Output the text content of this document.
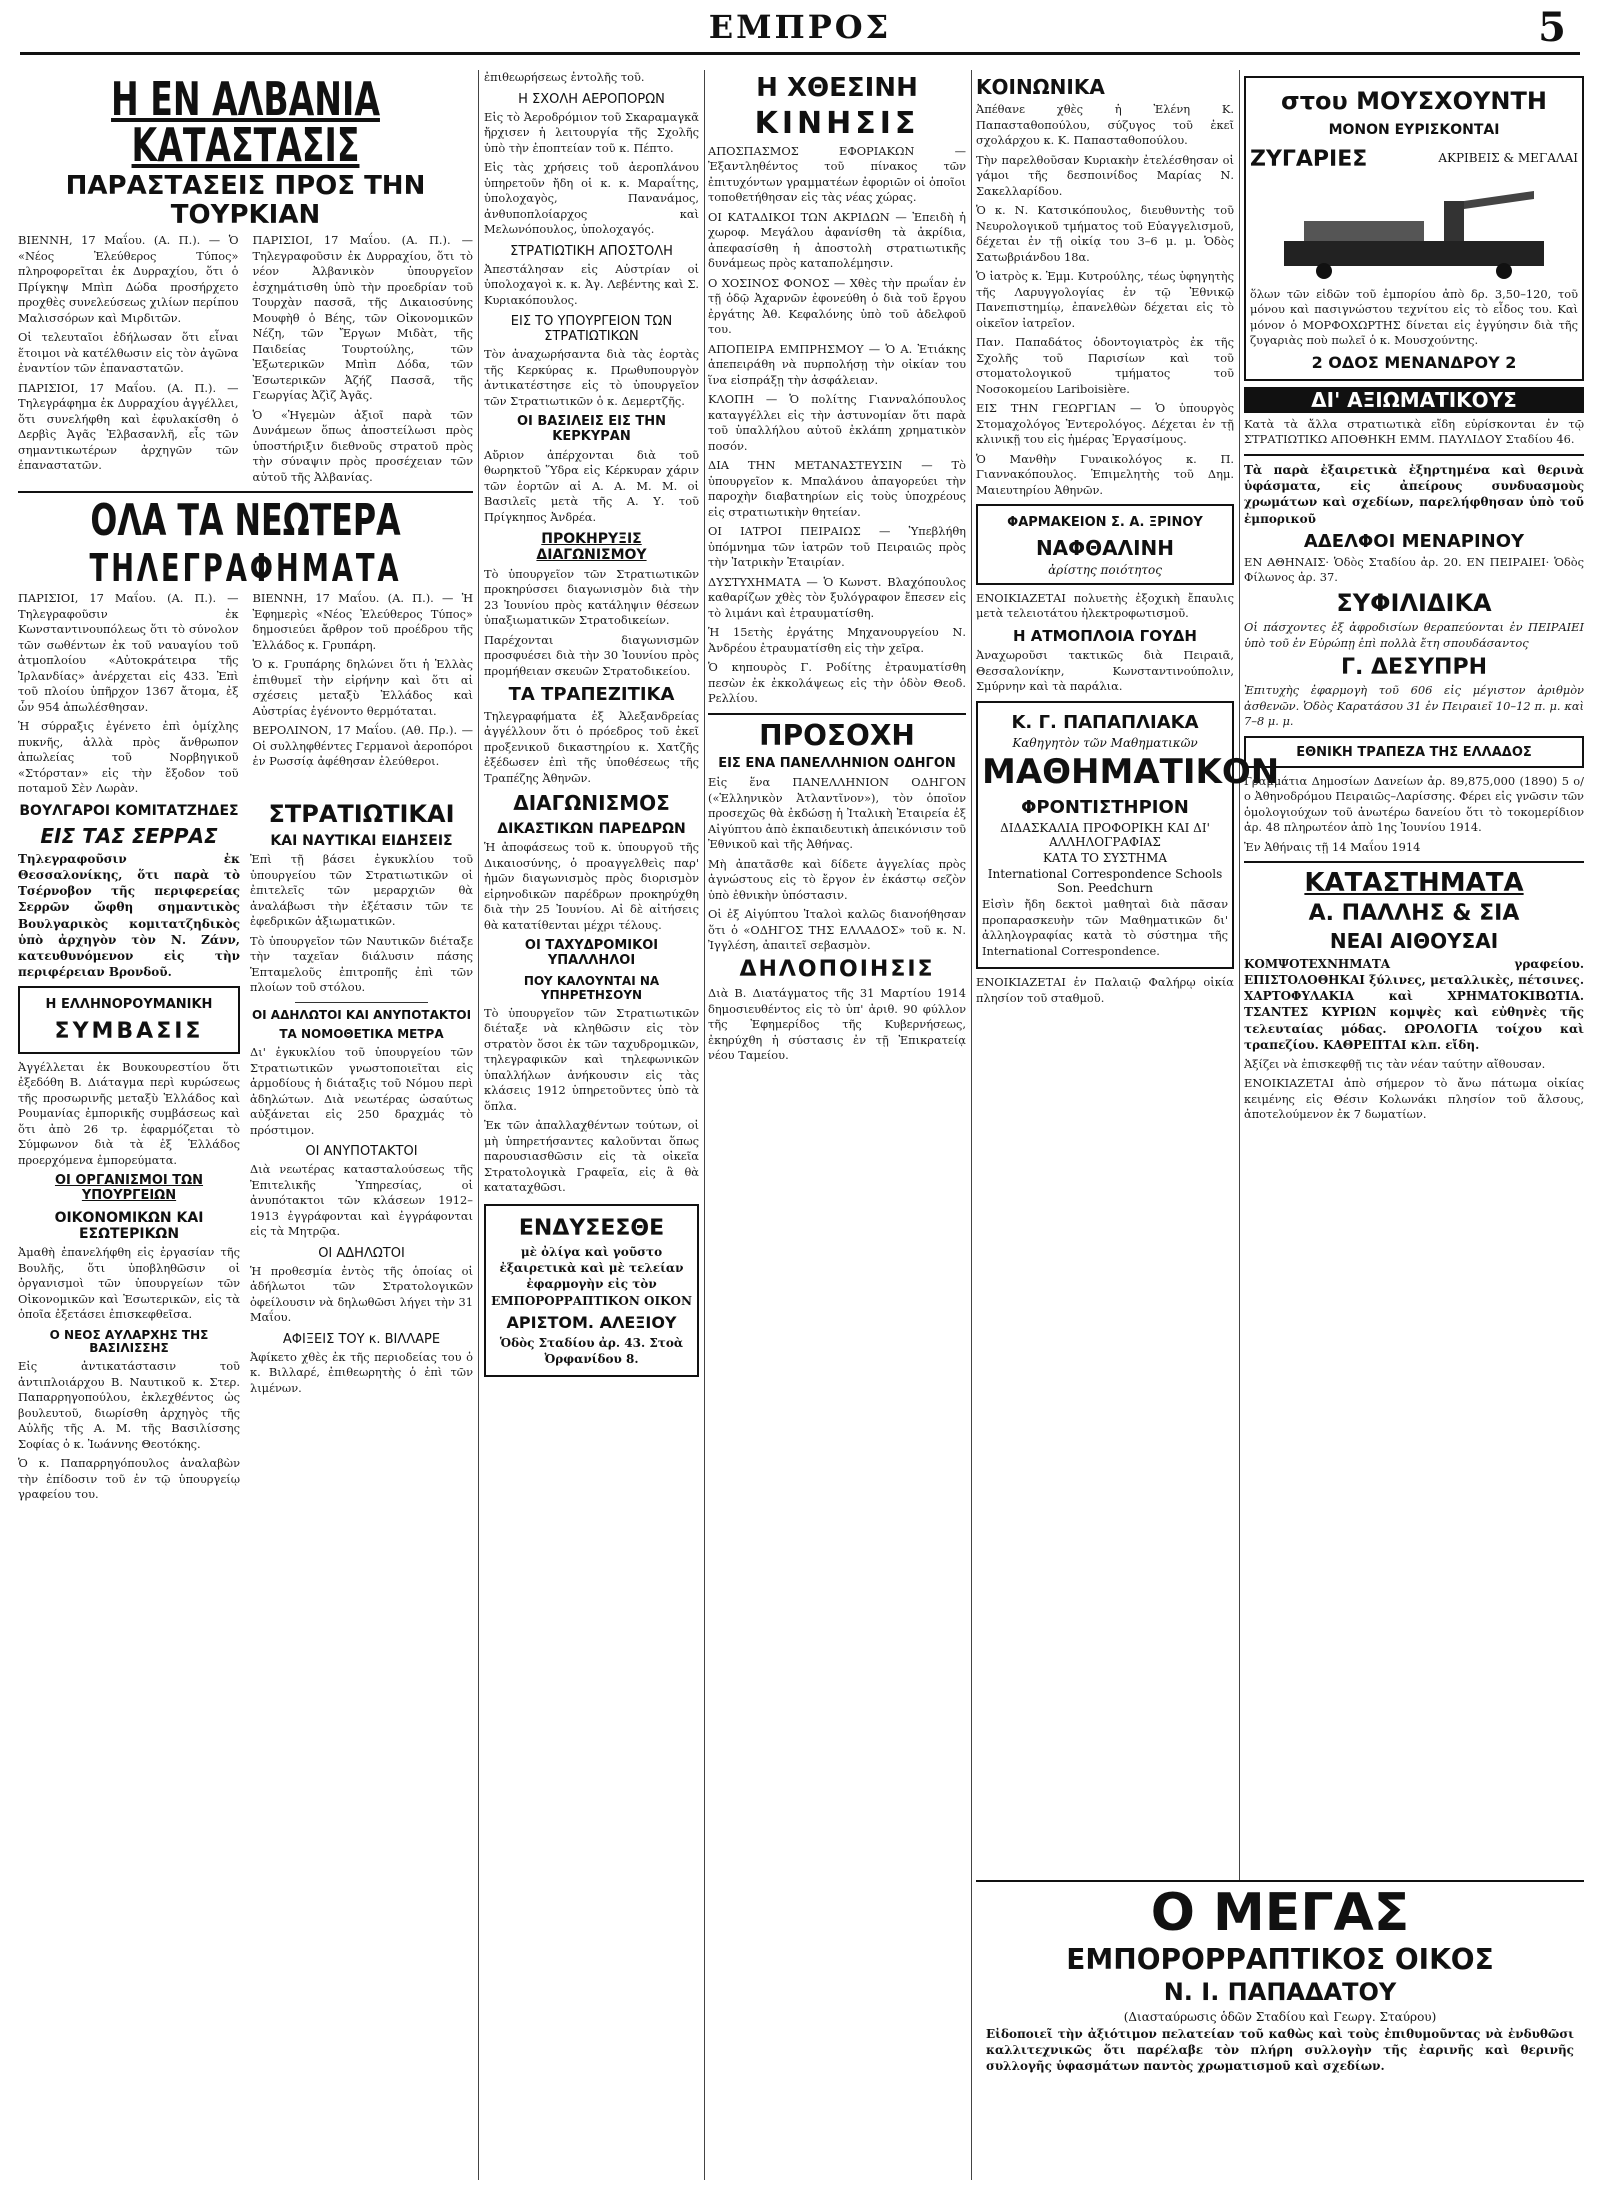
ΕΜΠΡΟΣ	5
Η ΕΝ ΑΛΒΑΝΙΑ ΚΑΤΑΣΤΑΣΙΣ
ΠΑΡΑΣΤΑΣΕΙΣ ΠΡΟΣ ΤΗΝ ΤΟΥΡΚΙΑΝ

ΒΙΕΝΝΗ, 17 Μαΐου. (Α. Π.). — Ὁ «Νέος Ἐλεύθερος Τύπος» πληροφορεῖται ἐκ Δυρραχίου, ὅτι ὁ Πρίγκηψ Μπὶπ Δώδα προσήρχετο προχθὲς συνελεύσεως χιλίων περίπου Μαλισσόρων καὶ Μιρδιτῶν.

Οἱ τελευταῖοι ἐδήλωσαν ὅτι εἶναι ἕτοιμοι νὰ κατέλθωσιν εἰς τὸν ἀγῶνα ἐναντίον τῶν ἐπαναστατῶν.

ΠΑΡΙΣΙΟΙ, 17 Μαΐου. (Α. Π.). — Τηλεγράφημα ἐκ Δυρραχίου ἀγγέλλει, ὅτι συνελήφθη καὶ ἐφυλακίσθη ὁ Δερβὶς Ἀγᾶς Ἐλβασανλῆ, εἷς τῶν σημαντικωτέρων ἀρχηγῶν τῶν ἐπαναστατῶν.

ΠΑΡΙΣΙΟΙ, 17 Μαΐου. (Α. Π.). — Τηλεγραφοῦσιν ἐκ Δυρραχίου, ὅτι τὸ νέον Ἀλβανικὸν ὑπουργεῖον ἐσχημάτισθη ὑπὸ τὴν προεδρίαν τοῦ Τουρχὰν πασσᾶ, τῆς Δικαιοσύνης Μουφὴθ ὁ Βέης, τῶν Οἰκονομικῶν Νέζη, τῶν Ἔργων Μιδὰτ, τῆς Παιδείας Τουρτούλης, τῶν Ἐξωτερικῶν Μπὶπ Δόδα, τῶν Ἐσωτερικῶν Ἀζήζ Πασσᾶ, τῆς Γεωργίας Ἀζὶζ Ἀγᾶς.

Ὁ «Ἡγεμὼν ἀξιοῖ παρὰ τῶν Δυνάμεων ὅπως ἀποστείλωσι πρὸς ὑποστήριξιν διεθνοῦς στρατοῦ πρὸς τὴν σύναψιν πρὸς προσέχειαν τῶν αὐτοῦ τῆς Ἀλβανίας.

ΟΛΑ ΤΑ ΝΕΩΤΕΡΑ
ΤΗΛΕΓΡΑΦΗΜΑΤΑ

ΠΑΡΙΣΙΟΙ, 17 Μαΐου. (Α. Π.). — Τηλεγραφοῦσιν ἐκ Κωνσταντινουπόλεως ὅτι τὸ σύνολον τῶν σωθέντων ἐκ τοῦ ναυαγίου τοῦ ἀτμοπλοίου «Αὐτοκράτειρα τῆς Ἰρλανδίας» ἀνέρχεται εἰς 433. Ἐπὶ τοῦ πλοίου ὑπῆρχον 1367 ἄτομα, ἐξ ὧν 954 ἀπωλέσθησαν.

Ἡ σύρραξις ἐγένετο ἐπὶ ὀμίχλης πυκνῆς, ἀλλὰ πρὸς ἄνθρωπον ἀπωλείας τοῦ Νορβηγικοῦ «Στόρσταν» εἰς τὴν ἔξοδον τοῦ ποταμοῦ Σὲν Λωρὰν.

ΒΙΕΝΝΗ, 17 Μαΐου. (Α. Π.). — Ἡ Ἐφημερὶς «Νέος Ἐλεύθερος Τύπος» δημοσιεύει ἄρθρον τοῦ προέδρου τῆς Ἑλλάδος κ. Γρυπάρη.

Ὁ κ. Γρυπάρης δηλώνει ὅτι ἡ Ἑλλὰς ἐπιθυμεῖ τὴν εἰρήνην καὶ ὅτι αἱ σχέσεις μεταξὺ Ἑλλάδος καὶ Αὐστρίας ἐγένοντο θερμόταται.

ΒΕΡΟΛΙΝΟΝ, 17 Μαΐου. (Αθ. Πρ.). — Οἱ συλληφθέντες Γερμανοὶ ἀεροπόροι ἐν Ρωσσίᾳ ἀφέθησαν ἐλεύθεροι.

ΒΟΥΛΓΑΡΟΙ ΚΟΜΙΤΑΤΖΗΔΕΣ
ΕΙΣ ΤΑΣ ΣΕΡΡΑΣ

Τηλεγραφοῦσιν ἐκ Θεσσαλονίκης, ὅτι παρὰ τὸ Τσέρνοβον τῆς περιφερείας Σερρῶν ὤφθη σημαντικὸς Βουλγαρικὸς κομιτατζηδικὸς ὑπὸ ἀρχηγὸν τὸν Ν. Ζάνν, κατευθυνόμενον εἰς τὴν περιφέρειαν Βρονδοῦ.

Η ΕΛΛΗΝΟΡΟΥΜΑΝΙΚΗ
ΣΥΜΒΑΣΙΣ

Ἀγγέλλεται ἐκ Βουκουρεστίου ὅτι ἐξεδόθη Β. Διάταγμα περὶ κυρώσεως τῆς προσωρινῆς μεταξὺ Ἑλλάδος καὶ Ρουμανίας ἐμπορικῆς συμβάσεως καὶ ὅτι ἀπὸ 26 τρ. ἐφαρμόζεται τὸ Σύμφωνον διὰ τὰ ἐξ Ἑλλάδος προερχόμενα ἐμπορεύματα.

ΟΙ ΟΡΓΑΝΙΣΜΟΙ ΤΩΝ ΥΠΟΥΡΓΕΙΩΝ
ΟΙΚΟΝΟΜΙΚΩΝ ΚΑΙ ΕΣΩΤΕΡΙΚΩΝ

Ἀμαθὴ ἐπανελήφθη εἰς ἐργασίαν τῆς Βουλῆς, ὅτι ὑποβληθῶσιν οἱ ὀργανισμοὶ τῶν ὑπουργείων τῶν Οἰκονομικῶν καὶ Ἐσωτερικῶν, εἰς τὰ ὁποῖα ἐξετάσει ἐπισκεφθεῖσα.

Ο ΝΕΟΣ ΑΥΛΑΡΧΗΣ ΤΗΣ ΒΑΣΙΛΙΣΣΗΣ

Εἰς ἀντικατάστασιν τοῦ ἀντιπλοιάρχου Β. Ναυτικοῦ κ. Στερ. Παπαρρηγοπούλου, ἐκλεχθέντος ὡς βουλευτοῦ, διωρίσθη ἀρχηγὸς τῆς Αὐλῆς τῆς Α. Μ. τῆς Βασιλίσσης Σοφίας ὁ κ. Ἰωάννης Θεοτόκης.

Ὁ κ. Παπαρρηγόπουλος ἀναλαβὼν τὴν ἐπίδοσιν τοῦ ἐν τῷ ὑπουργείῳ γραφείου του.

ΣΤΡΑΤΙΩΤΙΚΑΙ
ΚΑΙ ΝΑΥΤΙΚΑΙ ΕΙΔΗΣΕΙΣ

Ἐπὶ τῇ βάσει ἐγκυκλίου τοῦ ὑπουργείου τῶν Στρατιωτικῶν οἱ ἐπιτελεῖς τῶν μεραρχιῶν θὰ ἀναλάβωσι τὴν ἐξέτασιν τῶν τε ἐφεδρικῶν ἀξιωματικῶν.

Τὸ ὑπουργεῖον τῶν Ναυτικῶν διέταξε τὴν ταχεῖαν διάλυσιν πάσης Ἑπταμελοῦς ἐπιτροπῆς ἐπὶ τῶν πλοίων τοῦ στόλου.

ΟΙ ΑΔΗΛΩΤΟΙ ΚΑΙ ΑΝΥΠΟΤΑΚΤΟΙ
ΤΑ ΝΟΜΟΘΕΤΙΚΑ ΜΕΤΡΑ

Δι' ἐγκυκλίου τοῦ ὑπουργείου τῶν Στρατιωτικῶν γνωστοποιεῖται εἰς ἁρμοδίους ἡ διάταξις τοῦ Νόμου περὶ ἀδηλώτων. Διὰ νεωτέρας ὡσαύτως αὐξάνεται εἰς 250 δραχμάς τὸ πρόστιμον.

ΟΙ ΑΝΥΠΟΤΑΚΤΟΙ

Διὰ νεωτέρας κατασταλούσεως τῆς Ἐπιτελικῆς Ὑπηρεσίας, οἱ ἀνυπότακτοι τῶν κλάσεων 1912–1913 ἐγγράφονται καὶ ἐγγράφονται εἰς τὰ Μητρῷα.

ΟΙ ΑΔΗΛΩΤΟΙ

Ἡ προθεσμία ἐντὸς τῆς ὁποίας οἱ ἀδήλωτοι τῶν Στρατολογικῶν ὀφείλουσιν νὰ δηλωθῶσι λήγει τὴν 31 Μαΐου.

ΑΦΙΞΕΙΣ ΤΟΥ κ. ΒΙΛΛΑΡΕ

Ἀφίκετο χθὲς ἐκ τῆς περιοδείας του ὁ κ. Βιλλαρέ, ἐπιθεωρητὴς ὁ ἐπὶ τῶν λιμένων.

ἐπιθεωρήσεως ἐντολῆς τοῦ.

Η ΣΧΟΛΗ ΑΕΡΟΠΟΡΩΝ

Εἰς τὸ Ἀεροδρόμιον τοῦ Σκαραμαγκᾶ ἤρχισεν ἡ λειτουργία τῆς Σχολῆς ὑπὸ τὴν ἐποπτείαν τοῦ κ. Πέπτο.

Εἰς τὰς χρήσεις τοῦ ἀεροπλάνου ὑπηρετοῦν ἤδη οἱ κ. κ. Μαραΐτης, ὑπολοχαγὸς, Πανανάμος, ἀνθυποπλοίαρχος καὶ Μελωνόπουλος, ὑπολοχαγός.

ΣΤΡΑΤΙΩΤΙΚΗ ΑΠΟΣΤΟΛΗ

Ἀπεστάλησαν εἰς Αὐστρίαν οἱ ὑπολοχαγοὶ κ. κ. Ἀγ. Λεβέντης καὶ Σ. Κυριακόπουλος.

ΕΙΣ ΤΟ ΥΠΟΥΡΓΕΙΟΝ ΤΩΝ ΣΤΡΑΤΙΩΤΙΚΩΝ

Τὸν ἀναχωρήσαντα διὰ τὰς ἑορτὰς τῆς Κερκύρας κ. Πρωθυπουργὸν ἀντικατέστησε εἰς τὸ ὑπουργεῖον τῶν Στρατιωτικῶν ὁ κ. Δεμερτζῆς.

ΟΙ ΒΑΣΙΛΕΙΣ ΕΙΣ ΤΗΝ ΚΕΡΚΥΡΑΝ

Αὔριον ἀπέρχονται διὰ τοῦ θωρηκτοῦ Ὕδρα εἰς Κέρκυραν χάριν τῶν ἑορτῶν αἱ Α. Α. Μ. Μ. οἱ Βασιλεῖς μετὰ τῆς Α. Υ. τοῦ Πρίγκηπος Ἀνδρέα.

ΠΡΟΚΗΡΥΞΙΣ ΔΙΑΓΩΝΙΣΜΟΥ

Τὸ ὑπουργεῖον τῶν Στρατιωτικῶν προκηρύσσει διαγωνισμὸν διὰ τὴν 23 Ἰουνίου πρὸς κατάληψιν θέσεων ὑπαξιωματικῶν Στρατοδικείων.

Παρέχονται διαγωνισμῶν προσφυέσει διὰ τὴν 30 Ἰουνίου πρὸς προμήθειαν σκευῶν Στρατοδικείου.

ΤΑ ΤΡΑΠΕΖΙΤΙΚΑ

Τηλεγραφήματα ἐξ Ἀλεξανδρείας ἀγγέλλουν ὅτι ὁ πρόεδρος τοῦ ἐκεῖ προξενικοῦ δικαστηρίου κ. Χατζῆς ἐξέδωσεν ἐπὶ τῆς ὑποθέσεως τῆς Τραπέζης Ἀθηνῶν.

ΔΙΑΓΩΝΙΣΜΟΣ
ΔΙΚΑΣΤΙΚΩΝ ΠΑΡΕΔΡΩΝ

Ἡ ἀποφάσεως τοῦ κ. ὑπουργοῦ τῆς Δικαιοσύνης, ὁ προαγγελθεὶς παρ' ἡμῶν διαγωνισμὸς πρὸς διορισμὸν εἰρηνοδικῶν παρέδρων προκηρύχθη διὰ τὴν 25 Ἰουνίου. Αἱ δὲ αἰτήσεις θὰ κατατίθενται μέχρι τέλους.

ΟΙ ΤΑΧΥΔΡΟΜΙΚΟΙ ΥΠΑΛΛΗΛΟΙ
ΠΟΥ ΚΑΛΟΥΝΤΑΙ ΝΑ ΥΠΗΡΕΤΗΣΟΥΝ

Τὸ ὑπουργεῖον τῶν Στρατιωτικῶν διέταξε νὰ κληθῶσιν εἰς τὸν στρατὸν ὅσοι ἐκ τῶν ταχυδρομικῶν, τηλεγραφικῶν καὶ τηλεφωνικῶν ὑπαλλήλων ἀνήκουσιν εἰς τὰς κλάσεις 1912 ὑπηρετοῦντες ὑπὸ τὰ ὅπλα.

Ἐκ τῶν ἀπαλλαχθέντων τούτων, οἱ μὴ ὑπηρετήσαντες καλοῦνται ὅπως παρουσιασθῶσιν εἰς τὰ οἰκεῖα Στρατολογικὰ Γραφεῖα, εἰς ἃ θὰ καταταχθῶσι.

ΕΝΔΥΣΕΣΘΕ

μὲ ὀλίγα καὶ γοῦστο ἐξαιρετικὰ καὶ μὲ τελείαν ἐφαρμογὴν εἰς τὸν ΕΜΠΟΡΟΡΡΑΠΤΙΚΟΝ ΟΙΚΟΝ

ΑΡΙΣΤΟΜ. ΑΛΕΞΙΟΥ

Ὁδὸς Σταδίου ἀρ. 43. Στοὰ Ὀρφανίδου 8.

Η ΧΘΕΣΙΝΗ
ΚΙΝΗΣΙΣ

ΑΠΟΣΠΑΣΜΟΣ ΕΦΟΡΙΑΚΩΝ — Ἐξαντληθέντος τοῦ πίνακος τῶν ἐπιτυχόντων γραμματέων ἐφοριῶν οἱ ὁποῖοι τοποθετήθησαν εἰς τὰς νέας χώρας.

ΟΙ ΚΑΤΑΔΙΚΟΙ ΤΩΝ ΑΚΡΙΔΩΝ — Ἐπειδὴ ἡ χωροφ. Μεγάλου ἀφανίσθη τὰ ἀκρίδια, ἀπεφασίσθη ἡ ἀποστολὴ στρατιωτικῆς δυνάμεως πρὸς καταπολέμησιν.

Ο ΧΟΣΙΝΟΣ ΦΟΝΟΣ — Χθὲς τὴν πρωΐαν ἐν τῇ ὁδῷ Ἀχαρνῶν ἐφονεύθη ὁ διὰ τοῦ ἔργου ἐργάτης Ἀθ. Κεφαλόνης ὑπὸ τοῦ ἀδελφοῦ του.

ΑΠΟΠΕΙΡΑ ΕΜΠΡΗΣΜΟΥ — Ὁ Α. Ἐτιάκης ἀπεπειράθη νὰ πυρπολήσῃ τὴν οἰκίαν του ἵνα εἰσπράξῃ τὴν ἀσφάλειαν.

ΚΛΟΠΗ — Ὁ πολίτης Γιανναλόπουλος καταγγέλλει εἰς τὴν ἀστυνομίαν ὅτι παρὰ τοῦ ὑπαλλήλου αὐτοῦ ἐκλάπη χρηματικὸν ποσόν.

ΔΙΑ ΤΗΝ ΜΕΤΑΝΑΣΤΕΥΣΙΝ — Τὸ ὑπουργεῖον κ. Μπαλάνου ἀπαγορεύει τὴν παροχὴν διαβατηρίων εἰς τοὺς ὑποχρέους εἰς στρατιωτικὴν θητείαν.

ΟΙ ΙΑΤΡΟΙ ΠΕΙΡΑΙΩΣ — Ὑπεβλήθη ὑπόμνημα τῶν ἰατρῶν τοῦ Πειραιῶς πρὸς τὴν Ἰατρικὴν Ἑταιρίαν.

ΔΥΣΤΥΧΗΜΑΤΑ — Ὁ Κωνστ. Βλαχόπουλος καθαρίζων χθὲς τὸν ξυλόγραφον ἔπεσεν εἰς τὸ λιμάνι καὶ ἐτραυματίσθη.

Ἡ 15ετὴς ἐργάτης Μηχανουργείου Ν. Ἀνδρέου ἐτραυματίσθη εἰς τὴν χεῖρα.

Ὁ κηπουρὸς Γ. Ροδίτης ἐτραυματίσθη πεσὼν ἐκ ἐκκολάψεως εἰς τὴν ὁδὸν Θεοδ. Ρελλίου.

ΠΡΟΣΟΧΗ
ΕΙΣ ΕΝΑ ΠΑΝΕΛΛΗΝΙΟΝ ΟΔΗΓΟΝ

Εἰς ἕνα ΠΑΝΕΛΛΗΝΙΟΝ ΟΔΗΓΟΝ («Ἑλληνικὸν Ἀτλαντῖνον»), τὸν ὁποῖον προσεχῶς θὰ ἐκδώσῃ ἡ Ἰταλικὴ Ἑταιρεία ἐξ Αἰγύπτου ἀπὸ ἐκπαιδευτικὴ ἀπεικόνισιν τοῦ Ἐθνικοῦ καὶ τῆς Ἀθήνας.

Μὴ ἀπατᾶσθε καὶ δίδετε ἀγγελίας πρὸς ἀγνώστους εἰς τὸ ἔργον ἐν ἑκάστῳ σεζὸν ὑπὸ ἐθνικὴν ὑπόστασιν.

Οἱ ἐξ Αἰγύπτου Ἰταλοὶ καλῶς διανοήθησαν ὅτι ὁ «ΟΔΗΓΟΣ ΤΗΣ ΕΛΛΑΔΟΣ» τοῦ κ. Ν. Ἰγγλέση, ἀπαιτεῖ σεβασμὸν.

ΔΗΛΟΠΟΙΗΣΙΣ

Διὰ Β. Διατάγματος τῆς 31 Μαρτίου 1914 δημοσιευθέντος εἰς τὸ ὑπ' ἀριθ. 90 φύλλον τῆς Ἐφημερίδος τῆς Κυβερνήσεως, ἐκηρύχθη ἡ σύστασις ἐν τῇ Ἐπικρατείᾳ νέου Ταμείου.

ΚΟΙΝΩΝΙΚΑ

Ἀπέθανε χθὲς ἡ Ἐλένη Κ. Παπασταθοπούλου, σύζυγος τοῦ ἐκεῖ σχολάρχου κ. Κ. Παπασταθοπούλου.

Τὴν παρελθοῦσαν Κυριακὴν ἐτελέσθησαν οἱ γάμοι τῆς δεσποινίδος Μαρίας Ν. Σακελλαρίδου.

Ὁ κ. Ν. Κατσικόπουλος, διευθυντὴς τοῦ Νευρολογικοῦ τμήματος τοῦ Εὐαγγελισμοῦ, δέχεται ἐν τῇ οἰκίᾳ του 3–6 μ. μ. Ὁδὸς Σατωβριάνδου 18α.

Ὁ ἰατρὸς κ. Ἐμμ. Κυτρούλης, τέως ὑφηγητὴς τῆς Λαρυγγολογίας ἐν τῷ Ἐθνικῷ Πανεπιστημίῳ, ἐπανελθὼν δέχεται εἰς τὸ οἰκεῖον ἰατρεῖον.

Παν. Παπαδάτος ὁδοντογιατρὸς ἐκ τῆς Σχολῆς τοῦ Παρισίων καὶ τοῦ στοματολογικοῦ τμήματος τοῦ Νοσοκομείου Lariboisière.

ΕΙΣ ΤΗΝ ΓΕΩΡΓΙΑΝ — Ὁ ὑπουργὸς Στομαχολόγος Ἐντερολόγος. Δέχεται ἐν τῇ κλινικῇ του εἰς ἡμέρας Ἐργασίμους.

Ὁ Μανθὴν Γυναικολόγος κ. Π. Γιαννακόπουλος. Ἐπιμελητὴς τοῦ Δημ. Μαιευτηρίου Ἀθηνῶν.

ΦΑΡΜΑΚΕΙΟΝ Σ. Α. ΞΡΙΝΟΥ
ΝΑΦΘΑΛΙΝΗ
ἀρίστης ποιότητος

ΕΝΟΙΚΙΑΖΕΤΑΙ πολυετὴς ἐξοχικὴ ἔπαυλις μετὰ τελειοτάτου ἠλεκτροφωτισμοῦ.

Η ΑΤΜΟΠΛΟΙΑ ΓΟΥΔΗ

Ἀναχωροῦσι τακτικῶς διὰ Πειραιᾶ, Θεσσαλονίκην, Κωνσταντινούπολιν, Σμύρνην καὶ τὰ παράλια.

Κ. Γ. ΠΑΠΑΠΛΙΑΚΑ
Καθηγητὸν τῶν Μαθηματικῶν
ΜΑΘΗΜΑΤΙΚΟΝ
ΦΡΟΝΤΙΣΤΗΡΙΟΝ
ΔΙΔΑΣΚΑΛΙΑ ΠΡΟΦΟΡΙΚΗ ΚΑΙ ΔΙ' ΑΛΛΗΛΟΓΡΑΦΙΑΣ
ΚΑΤΑ ΤΟ ΣΥΣΤΗΜΑ
International Correspondence Schools Son. Peedchurn

Εἰσὶν ἤδη δεκτοὶ μαθηταὶ διὰ πᾶσαν προπαρασκευὴν τῶν Μαθηματικῶν δι' ἀλληλογραφίας κατὰ τὸ σύστημα τῆς International Correspondence.

ΕΝΟΙΚΙΑΖΕΤΑΙ ἐν Παλαιῷ Φαλήρῳ οἰκία πλησίον τοῦ σταθμοῦ.

στου ΜΟΥΣΧΟΥΝΤΗ
ΜΟΝΟΝ ΕΥΡΙΣΚΟΝΤΑΙ
ΖΥΓΑΡΙΕΣ	ΑΚΡΙΒΕΙΣ & ΜΕΓΑΛΑΙ

ὅλων τῶν εἰδῶν τοῦ ἐμπορίου ἀπὸ δρ. 3,50–120, τοῦ μόνου καὶ πασιγνώστου τεχνίτου εἰς τὸ εἶδος του. Καὶ μόνον ὁ ΜΟΡΦΟΧΩΡΤΗΣ δίνεται εἰς ἐγγύησιν διὰ τῆς ζυγαριὰς ποὺ πωλεῖ ὁ κ. Μουσχούντης.

2 ΟΔΟΣ ΜΕΝΑΝΔΡΟΥ 2
ΔΙ' ΑΞΙΩΜΑΤΙΚΟΥΣ

Κατὰ τὰ ἄλλα στρατιωτικὰ εἴδη εὑρίσκονται ἐν τῷ ΣΤΡΑΤΙΩΤΙΚΩ ΑΠΟΘΗΚΗ ΕΜΜ. ΠΑΥΛΙΔΟΥ Σταδίου 46.

Τὰ παρὰ ἐξαιρετικὰ ἐξηρτημένα καὶ θερινὰ ὑφάσματα, εἰς ἀπείρους συνδυασμοὺς χρωμάτων καὶ σχεδίων, παρελήφθησαν ὑπὸ τοῦ ἐμπορικοῦ

ΑΔΕΛΦΟΙ ΜΕΝΑΡΙΝΟΥ

ΕΝ ΑΘΗΝΑΙΣ· Ὁδὸς Σταδίου ἀρ. 20. ΕΝ ΠΕΙΡΑΙΕΙ· Ὁδὸς Φίλωνος ἀρ. 37.

ΣΥΦΙΛΙΔΙΚΑ

Οἱ πάσχοντες ἐξ ἀφροδισίων θεραπεύονται ἐν ΠΕΙΡΑΙΕΙ ὑπὸ τοῦ ἐν Εὐρώπῃ ἐπὶ πολλὰ ἔτη σπουδάσαντος

Γ. ΔΕΣΥΠΡΗ

Ἐπιτυχὴς ἐφαρμογὴ τοῦ 606 εἰς μέγιστον ἀριθμὸν ἀσθενῶν. Ὁδὸς Καρατάσου 31 ἐν Πειραιεῖ 10–12 π. μ. καὶ 7–8 μ. μ.

ΕΘΝΙΚΗ ΤΡΑΠΕΖΑ ΤΗΣ ΕΛΛΑΔΟΣ

Γραμμάτια Δημοσίων Δανείων ἀρ. 89,875,000 (1890) 5 ο/ο Ἀθηνοδρόμου Πειραιῶς–Λαρίσσης. Φέρει εἰς γνῶσιν τῶν ὁμολογιούχων τοῦ ἀνωτέρω δανείου ὅτι τὸ τοκομερίδιον ἀρ. 48 πληρωτέον ἀπὸ 1ης Ἰουνίου 1914.

Ἐν Ἀθήναις τῇ 14 Μαΐου 1914

ΚΑΤΑΣΤΗΜΑΤΑ
Α. ΠΑΛΛΗΣ & ΣΙΑ
ΝΕΑΙ ΑΙΘΟΥΣΑΙ

ΚΟΜΨΟΤΕΧΝΗΜΑΤΑ γραφείου. ΕΠΙΣΤΟΛΟΘΗΚΑΙ ξύλινες, μεταλλικὲς, πέτσινες. ΧΑΡΤΟΦΥΛΑΚΙΑ καὶ ΧΡΗΜΑΤΟΚΙΒΩΤΙΑ. ΤΣΑΝΤΕΣ ΚΥΡΙΩΝ κομψὲς καὶ εὐθηνὲς τῆς τελευταίας μόδας. ΩΡΟΛΟΓΙΑ τοίχου καὶ τραπεζίου. ΚΑΘΡΕΠΤΑΙ κλπ. εἴδη.

Ἀξίζει νὰ ἐπισκεφθῇ τις τὰν νέαν ταύτην αἴθουσαν.

ΕΝΟΙΚΙΑΖΕΤΑΙ ἀπὸ σήμερον τὸ ἄνω πάτωμα οἰκίας κειμένης εἰς Θέσιν Κολωνάκι πλησίον τοῦ ἄλσους, ἀποτελούμενον ἐκ 7 δωματίων.

Ο ΜΕΓΑΣ
ΕΜΠΟΡΟΡΡΑΠΤΙΚΟΣ ΟΙΚΟΣ
Ν. Ι. ΠΑΠΑΔΑΤΟΥ
(Διασταύρωσις ὁδῶν Σταδίου καὶ Γεωργ. Σταύρου)

Εἰδοποιεῖ τὴν ἀξιότιμον πελατείαν τοῦ καθὼς καὶ τοὺς ἐπιθυμοῦντας νὰ ἐνδυθῶσι καλλιτεχνικῶς ὅτι παρέλαβε τὸν πλήρη συλλογὴν τῆς ἐαρινῆς καὶ θερινῆς συλλογῆς ὑφασμάτων παντὸς χρωματισμοῦ καὶ σχεδίων.
